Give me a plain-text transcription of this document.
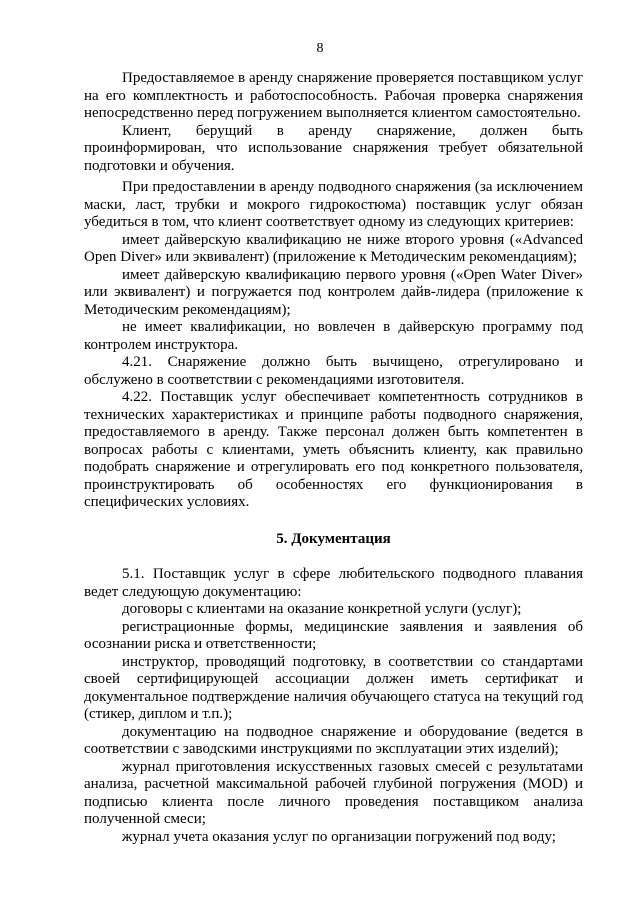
8

Предоставляемое в аренду снаряжение проверяется поставщиком услуг на его комплектность и работоспособность. Рабочая проверка снаряжения непосредственно перед погружением выполняется клиентом самостоятельно.

Клиент, берущий в аренду снаряжение, должен быть проинформирован, что использование снаряжения требует обязательной подготовки и обучения.

При предоставлении в аренду подводного снаряжения (за исключением маски, ласт, трубки и мокрого гидрокостюма) поставщик услуг обязан убедиться в том, что клиент соответствует одному из следующих критериев:

имеет дайверскую квалификацию не ниже второго уровня («Advanced Open Diver» или эквивалент) (приложение к Методическим рекомендациям);

имеет дайверскую квалификацию первого уровня («Open Water Diver» или эквивалент) и погружается под контролем дайв-лидера (приложение к Методическим рекомендациям);

не имеет квалификации, но вовлечен в дайверскую программу под контролем инструктора.

4.21. Снаряжение должно быть вычищено, отрегулировано и обслужено в соответствии с рекомендациями изготовителя.

4.22. Поставщик услуг обеспечивает компетентность сотрудников в технических характеристиках и принципе работы подводного снаряжения, предоставляемого в аренду. Также персонал должен быть компетентен в вопросах работы с клиентами, уметь объяснить клиенту, как правильно подобрать снаряжение и отрегулировать его под конкретного пользователя, проинструктировать об особенностях его функционирования в специфических условиях.

5. Документация

5.1. Поставщик услуг в сфере любительского подводного плавания ведет следующую документацию:

договоры с клиентами на оказание конкретной услуги (услуг);

регистрационные формы, медицинские заявления и заявления об осознании риска и ответственности;

инструктор, проводящий подготовку, в соответствии со стандартами своей сертифицирующей ассоциации должен иметь сертификат и документальное подтверждение наличия обучающего статуса на текущий год (стикер, диплом и т.п.);

документацию на подводное снаряжение и оборудование (ведется в соответствии с заводскими инструкциями по эксплуатации этих изделий);

журнал приготовления искусственных газовых смесей с результатами анализа, расчетной максимальной рабочей глубиной погружения (MOD) и подписью клиента после личного проведения поставщиком анализа полученной смеси;

журнал учета оказания услуг по организации погружений под воду;
